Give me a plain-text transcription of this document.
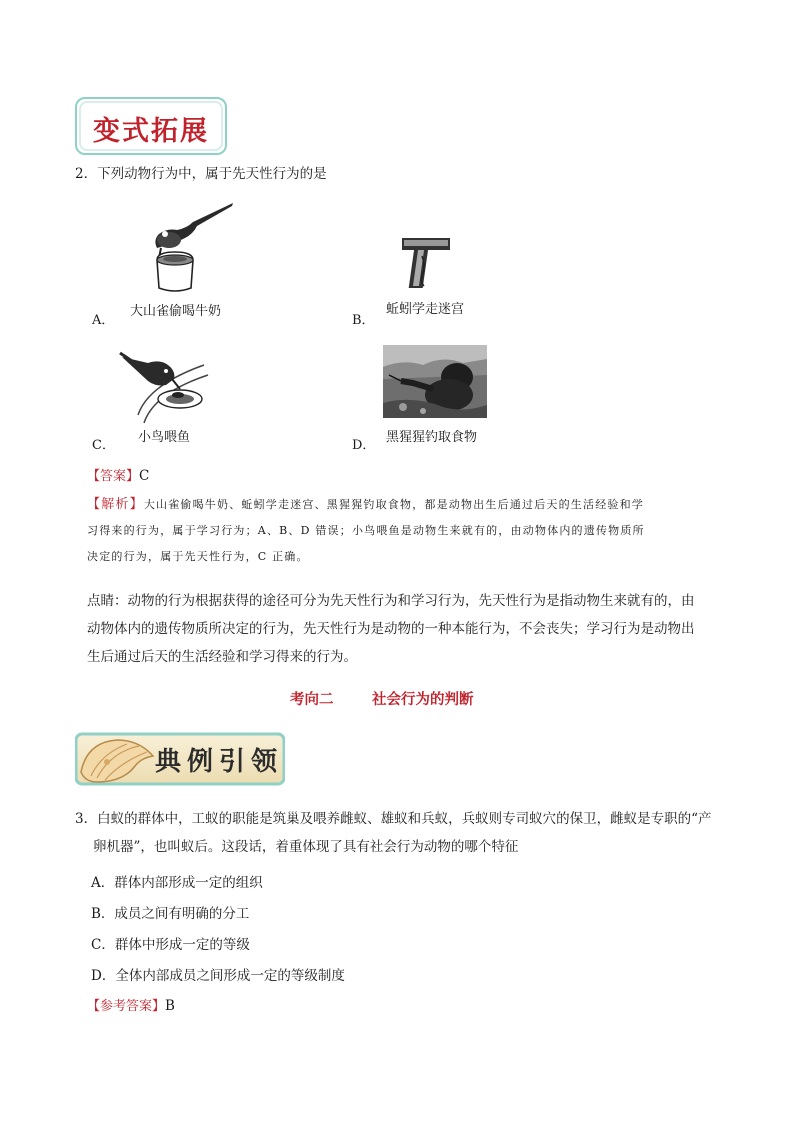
变式拓展
2．下列动物行为中，属于先天性行为的是
A．
大山雀偷喝牛奶
B．
蚯蚓学走迷宫
C．
小鸟喂鱼
D．
黑猩猩钓取食物
【答案】C
【解析】大山雀偷喝牛奶、蚯蚓学走迷宫、黑猩猩钓取食物，都是动物出生后通过后天的生活经验和学
习得来的行为，属于学习行为；A、B、D 错误；小鸟喂鱼是动物生来就有的，由动物体内的遗传物质所
决定的行为，属于先天性行为，C 正确。
点睛：动物的行为根据获得的途径可分为先天性行为和学习行为，先天性行为是指动物生来就有的，由
动物体内的遗传物质所决定的行为，先天性行为是动物的一种本能行为，不会丧失；学习行为是动物出
生后通过后天的生活经验和学习得来的行为。
考向二	社会行为的判断
典例引领
3．白蚁的群体中，工蚁的职能是筑巢及喂养雌蚁、雄蚁和兵蚁，兵蚁则专司蚁穴的保卫，雌蚁是专职的“产
卵机器”，也叫蚁后。这段话，着重体现了具有社会行为动物的哪个特征
A．群体内部形成一定的组织
B．成员之间有明确的分工
C．群体中形成一定的等级
D．全体内部成员之间形成一定的等级制度
【参考答案】B
